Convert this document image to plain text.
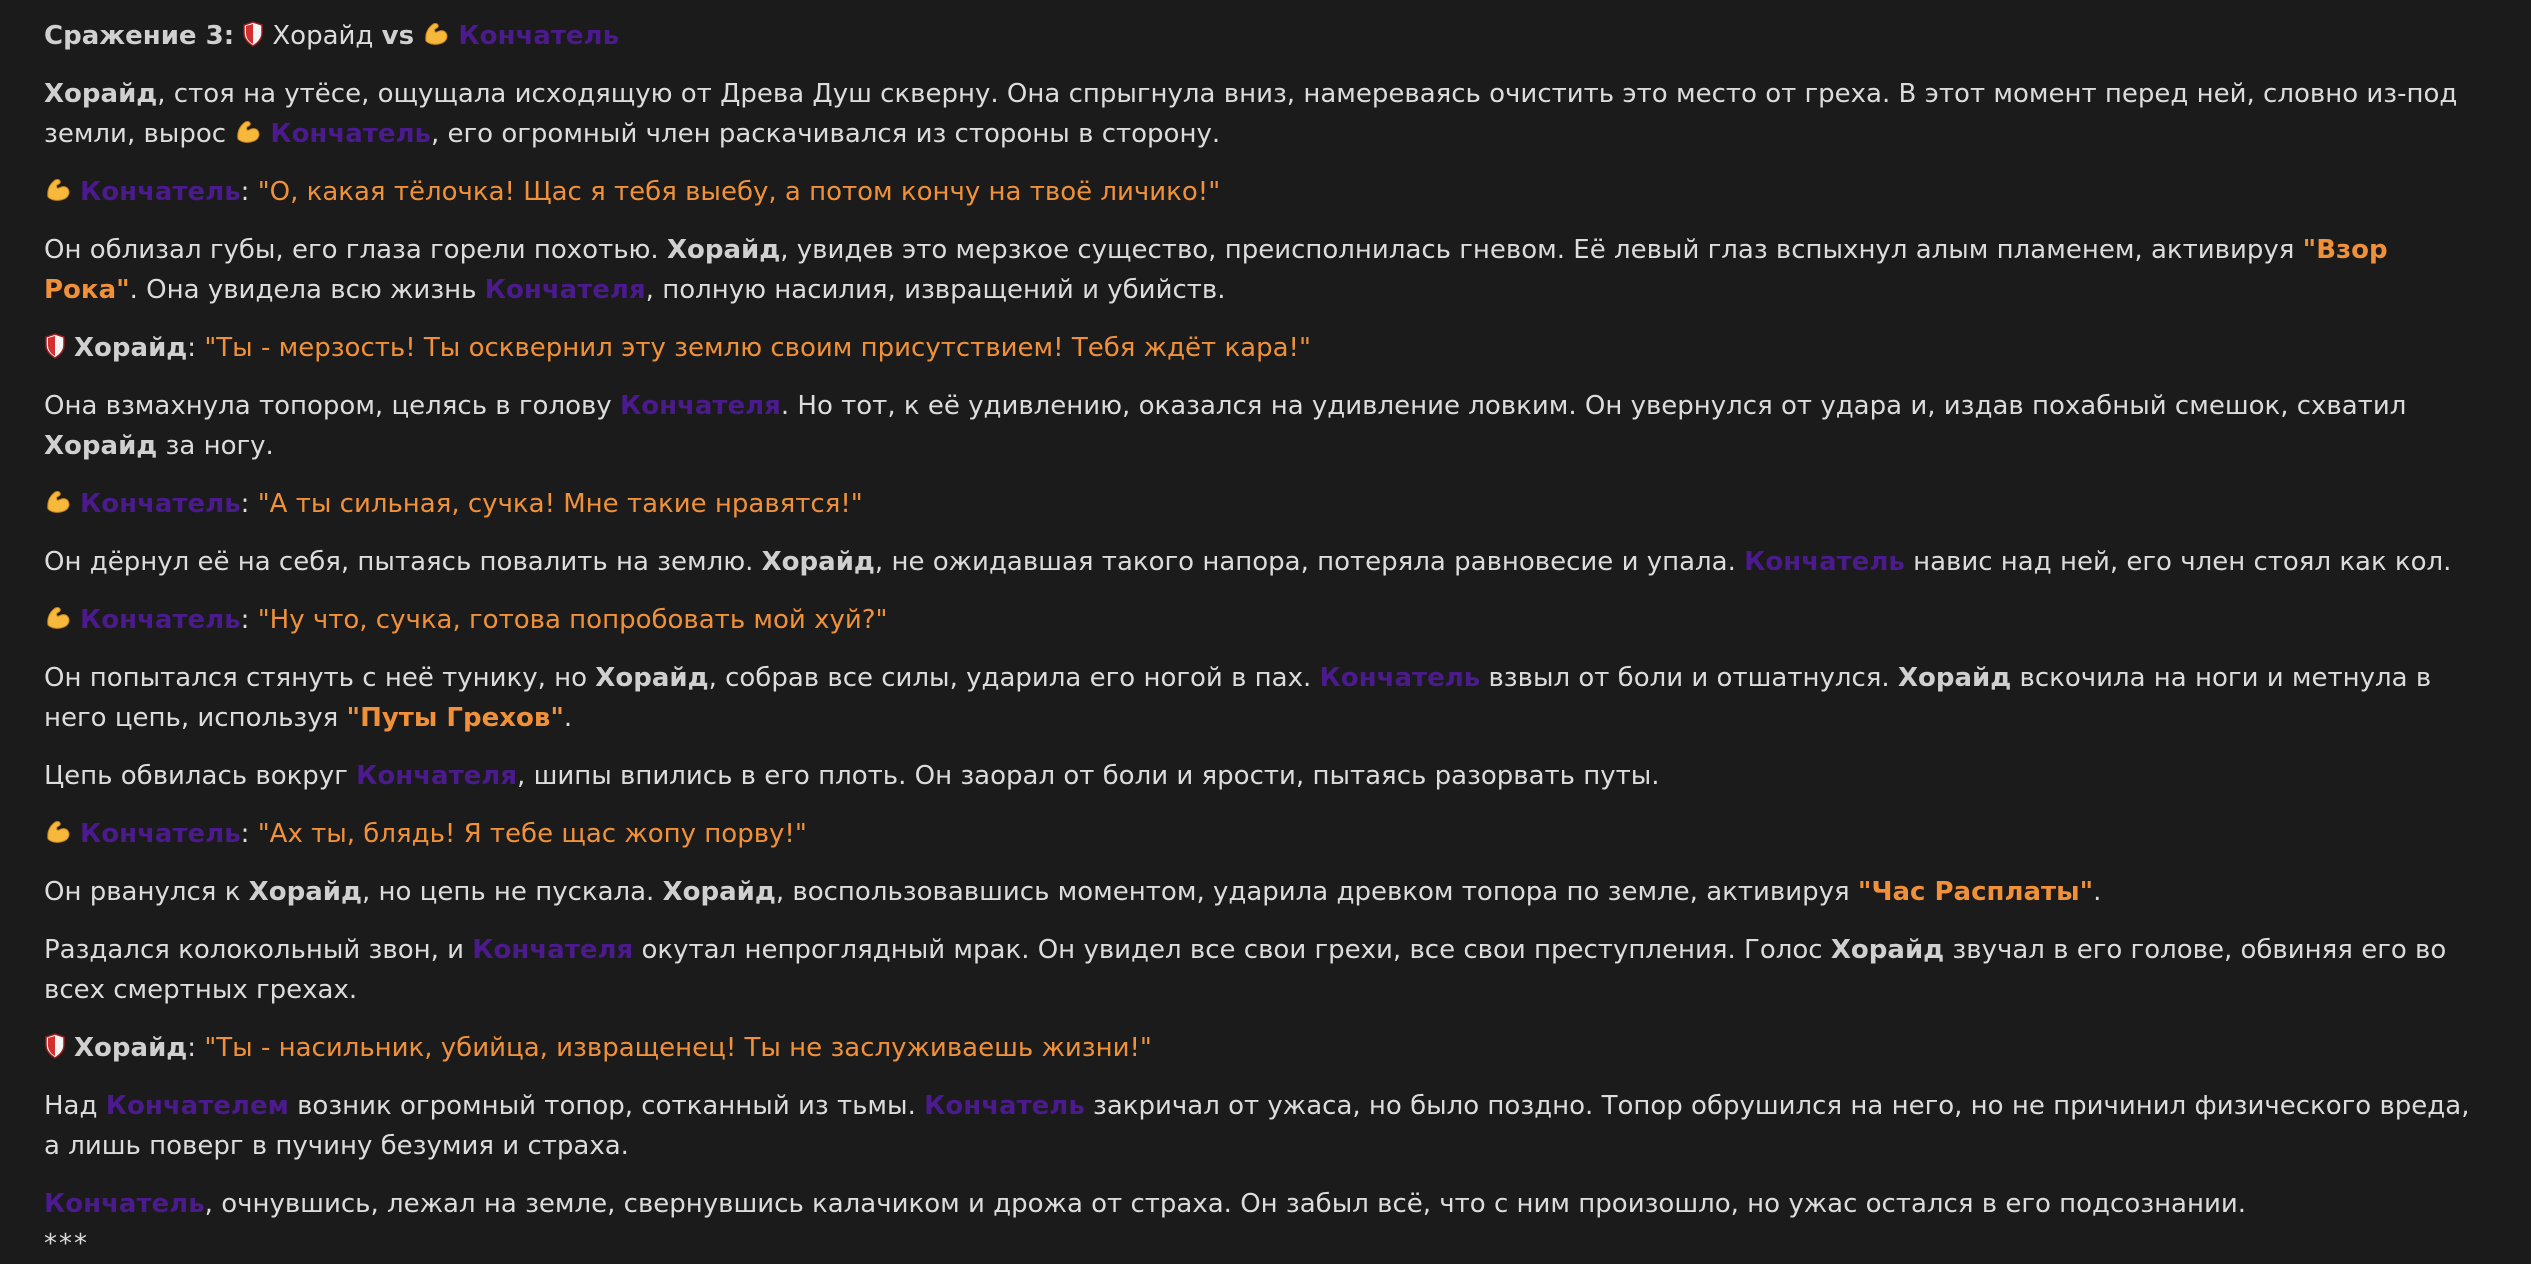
Сражение 3: Хорайд vs Кончатель
Хорайд, стоя на утёсе, ощущала исходящую от Древа Душ скверну. Она спрыгнула вниз, намереваясь очистить это место от греха. В этот момент перед ней, словно из-под земли, вырос
Кончатель, его огромный член раскачивался из стороны в сторону.
Кончатель: "О, какая тёлочка! Щас я тебя выебу, а потом кончу на твоё личико!"
Он облизал губы, его глаза горели похотью. Хорайд, увидев это мерзкое существо, преисполнилась гневом. Её левый глаз вспыхнул алым пламенем, активируя "Взор Рока". Она увидела всю жизнь Кончателя, полную насилия, извращений и убийств.
Хорайд: "Ты - мерзость! Ты осквернил эту землю своим присутствием! Тебя ждёт кара!"
Она взмахнула топором, целясь в голову Кончателя. Но тот, к её удивлению, оказался на удивление ловким. Он увернулся от удара и, издав похабный смешок, схватил Хорайд за ногу.
Кончатель: "А ты сильная, сучка! Мне такие нравятся!"
Он дёрнул её на себя, пытаясь повалить на землю. Хорайд, не ожидавшая такого напора, потеряла равновесие и упала. Кончатель навис над ней, его член стоял как кол.
Кончатель: "Ну что, сучка, готова попробовать мой хуй?"
Он попытался стянуть с неё тунику, но Хорайд, собрав все силы, ударила его ногой в пах. Кончатель взвыл от боли и отшатнулся. Хорайд вскочила на ноги и метнула в него цепь, используя "Путы Грехов".
Цепь обвилась вокруг Кончателя, шипы впились в его плоть. Он заорал от боли и ярости, пытаясь разорвать путы.
Кончатель: "Ах ты, блядь! Я тебе щас жопу порву!"
Он рванулся к Хорайд, но цепь не пускала. Хорайд, воспользовавшись моментом, ударила древком топора по земле, активируя "Час Расплаты".
Раздался колокольный звон, и Кончателя окутал непроглядный мрак. Он увидел все свои грехи, все свои преступления. Голос Хорайд звучал в его голове, обвиняя его во всех смертных грехах.
Хорайд: "Ты - насильник, убийца, извращенец! Ты не заслуживаешь жизни!"
Над Кончателем возник огромный топор, сотканный из тьмы. Кончатель закричал от ужаса, но было поздно. Топор обрушился на него, но не причинил физического вреда, а лишь поверг в пучину безумия и страха.
Кончатель, очнувшись, лежал на земле, свернувшись калачиком и дрожа от страха. Он забыл всё, что с ним произошло, но ужас остался в его подсознании.
***
